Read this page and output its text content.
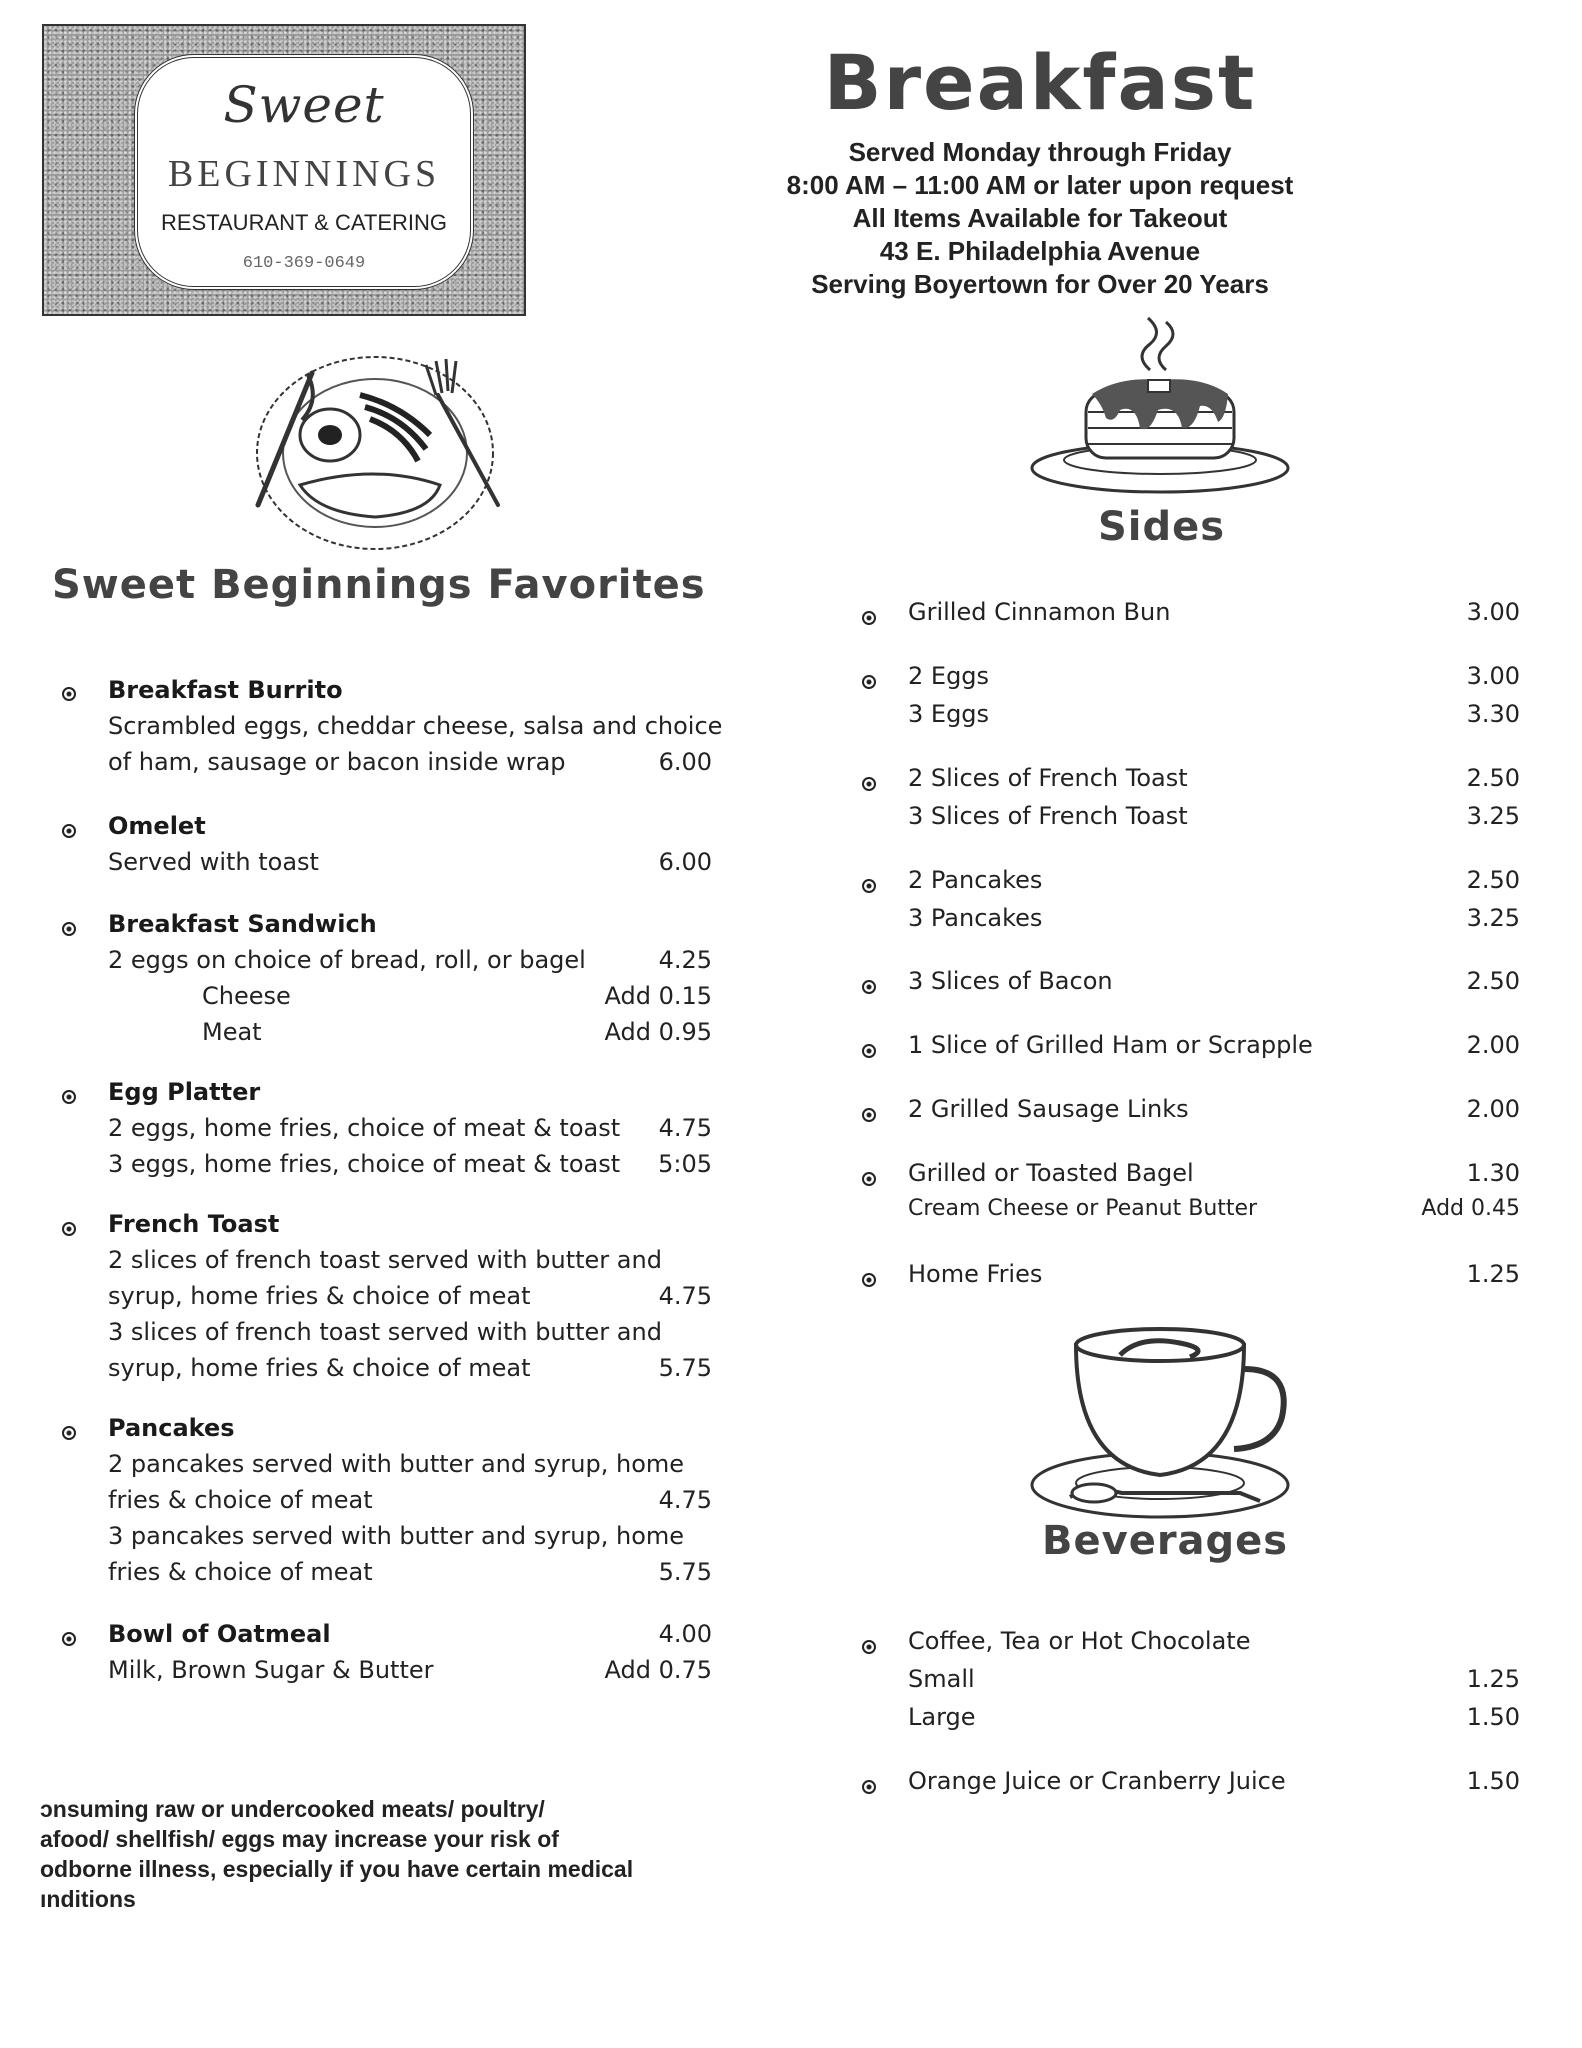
Sweet
BEGINNINGS
RESTAURANT & CATERING
610-369-0649
Breakfast
Served Monday through Friday
8:00 AM – 11:00 AM or later upon request
All Items Available for Takeout
43 E. Philadelphia Avenue
Serving Boyertown for Over 20 Years
Sweet Beginnings Favorites
Sides
Beverages
Breakfast Burrito
Scrambled eggs, cheddar cheese, salsa and choice
of ham, sausage or bacon inside wrap	6.00
Omelet
Served with toast	6.00
Breakfast Sandwich
2 eggs on choice of bread, roll, or bagel	4.25
Cheese	Add 0.15
Meat	Add 0.95
Egg Platter
2 eggs, home fries, choice of meat & toast	4.75
3 eggs, home fries, choice of meat & toast	5:05
French Toast
2 slices of french toast served with butter and
syrup, home fries & choice of meat	4.75
3 slices of french toast served with butter and
syrup, home fries & choice of meat	5.75
Pancakes
2 pancakes served with butter and syrup, home
fries & choice of meat	4.75
3 pancakes served with butter and syrup, home
fries & choice of meat	5.75
Bowl of Oatmeal	4.00
Milk, Brown Sugar & Butter	Add 0.75
Grilled Cinnamon Bun	3.00
2 Eggs	3.00
3 Eggs	3.30
2 Slices of French Toast	2.50
3 Slices of French Toast	3.25
2 Pancakes	2.50
3 Pancakes	3.25
3 Slices of Bacon	2.50
1 Slice of Grilled Ham or Scrapple	2.00
2 Grilled Sausage Links	2.00
Grilled or Toasted Bagel	1.30
Cream Cheese or Peanut Butter	Add 0.45
Home Fries	1.25
Coffee, Tea or Hot Chocolate
Small	1.25
Large	1.50
Orange Juice or Cranberry Juice	1.50
ɔnsuming raw or undercooked meats/ poultry/
afood/ shellfish/ eggs may increase your risk of
odborne illness, especially if you have certain medical
ınditions
